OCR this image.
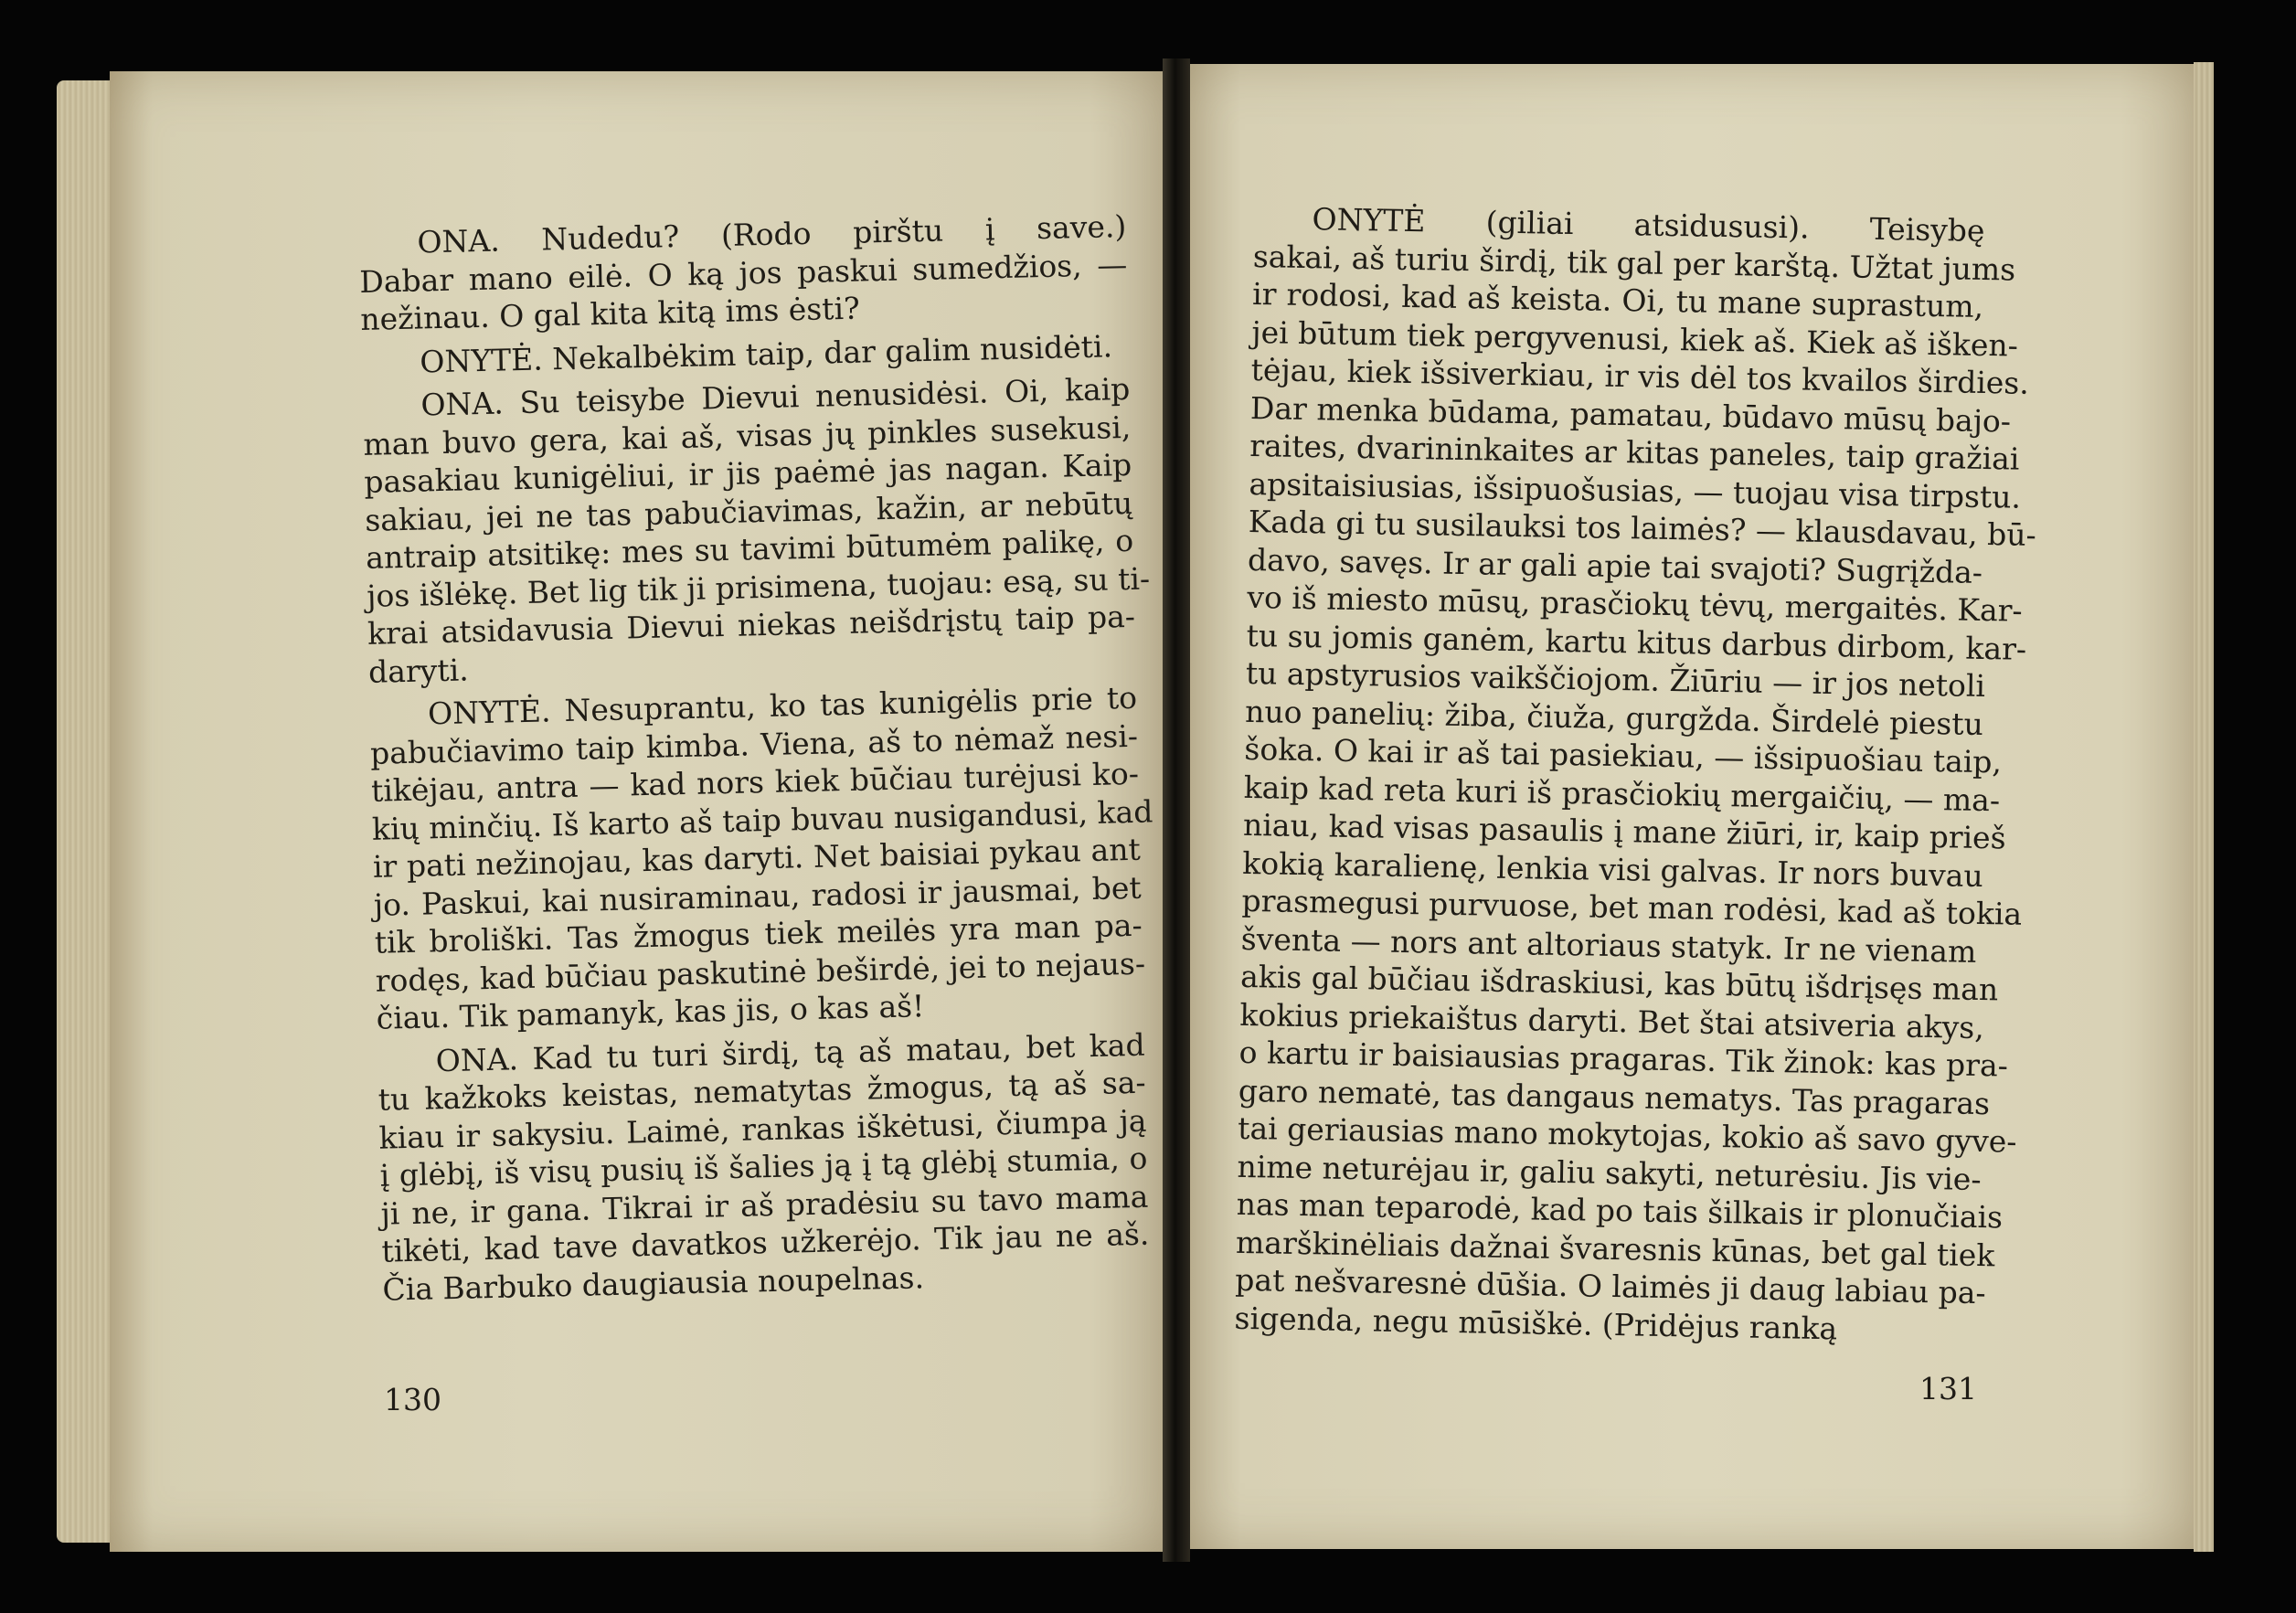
ONA. Nudedu? (Rodo pirštu į save.)
Dabar mano eilė. O ką jos paskui sumedžios, —
nežinau. O gal kita kitą ims ėsti?

ONYTĖ. Nekalbėkim taip, dar galim nusidėti.

ONA. Su teisybe Dievui nenusidėsi. Oi, kaip
man buvo gera, kai aš, visas jų pinkles susekusi,
pasakiau kunigėliui, ir jis paėmė jas nagan. Kaip
sakiau, jei ne tas pabučiavimas, kažin, ar nebūtų
antraip atsitikę: mes su tavimi būtumėm palikę, o
jos išlėkę. Bet lig tik ji prisimena, tuojau: esą, su ti-
krai atsidavusia Dievui niekas neišdrįstų taip pa-
daryti.

ONYTĖ. Nesuprantu, ko tas kunigėlis prie to
pabučiavimo taip kimba. Viena, aš to nėmaž nesi-
tikėjau, antra — kad nors kiek būčiau turėjusi ko-
kių minčių. Iš karto aš taip buvau nusigandusi, kad
ir pati nežinojau, kas daryti. Net baisiai pykau ant
jo. Paskui, kai nusiraminau, radosi ir jausmai, bet
tik broliški. Tas žmogus tiek meilės yra man pa-
rodęs, kad būčiau paskutinė beširdė, jei to nejaus-
čiau. Tik pamanyk, kas jis, o kas aš!

ONA. Kad tu turi širdį, tą aš matau, bet kad
tu kažkoks keistas, nematytas žmogus, tą aš sa-
kiau ir sakysiu. Laimė, rankas iškėtusi, čiumpa ją
į glėbį, iš visų pusių iš šalies ją į tą glėbį stumia, o
ji ne, ir gana. Tikrai ir aš pradėsiu su tavo mama
tikėti, kad tave davatkos užkerėjo. Tik jau ne aš.
Čia Barbuko daugiausia noupelnas.

130

ONYTĖ (giliai atsidususi). Teisybę
sakai, aš turiu širdį, tik gal per karštą. Užtat jums
ir rodosi, kad aš keista. Oi, tu mane suprastum,
jei būtum tiek pergyvenusi, kiek aš. Kiek aš išken-
tėjau, kiek išsiverkiau, ir vis dėl tos kvailos širdies.
Dar menka būdama, pamatau, būdavo mūsų bajo-
raites, dvarininkaites ar kitas paneles, taip gražiai
apsitaisiusias, išsipuošusias, — tuojau visa tirpstu.
Kada gi tu susilauksi tos laimės? — klausdavau, bū-
davo, savęs. Ir ar gali apie tai svajoti? Sugrįžda-
vo iš miesto mūsų, prasčiokų tėvų, mergaitės. Kar-
tu su jomis ganėm, kartu kitus darbus dirbom, kar-
tu apstyrusios vaikščiojom. Žiūriu — ir jos netoli
nuo panelių: žiba, čiuža, gurgžda. Širdelė piestu
šoka. O kai ir aš tai pasiekiau, — išsipuošiau taip,
kaip kad reta kuri iš prasčiokių mergaičių, — ma-
niau, kad visas pasaulis į mane žiūri, ir, kaip prieš
kokią karalienę, lenkia visi galvas. Ir nors buvau
prasmegusi purvuose, bet man rodėsi, kad aš tokia
šventa — nors ant altoriaus statyk. Ir ne vienam
akis gal būčiau išdraskiusi, kas būtų išdrįsęs man
kokius priekaištus daryti. Bet štai atsiveria akys,
o kartu ir baisiausias pragaras. Tik žinok: kas pra-
garo nematė, tas dangaus nematys. Tas pragaras
tai geriausias mano mokytojas, kokio aš savo gyve-
nime neturėjau ir, galiu sakyti, neturėsiu. Jis vie-
nas man teparodė, kad po tais šilkais ir plonučiais
marškinėliais dažnai švaresnis kūnas, bet gal tiek
pat nešvaresnė dūšia. O laimės ji daug labiau pa-
sigenda, negu mūsiškė. (Pridėjus ranką

131
